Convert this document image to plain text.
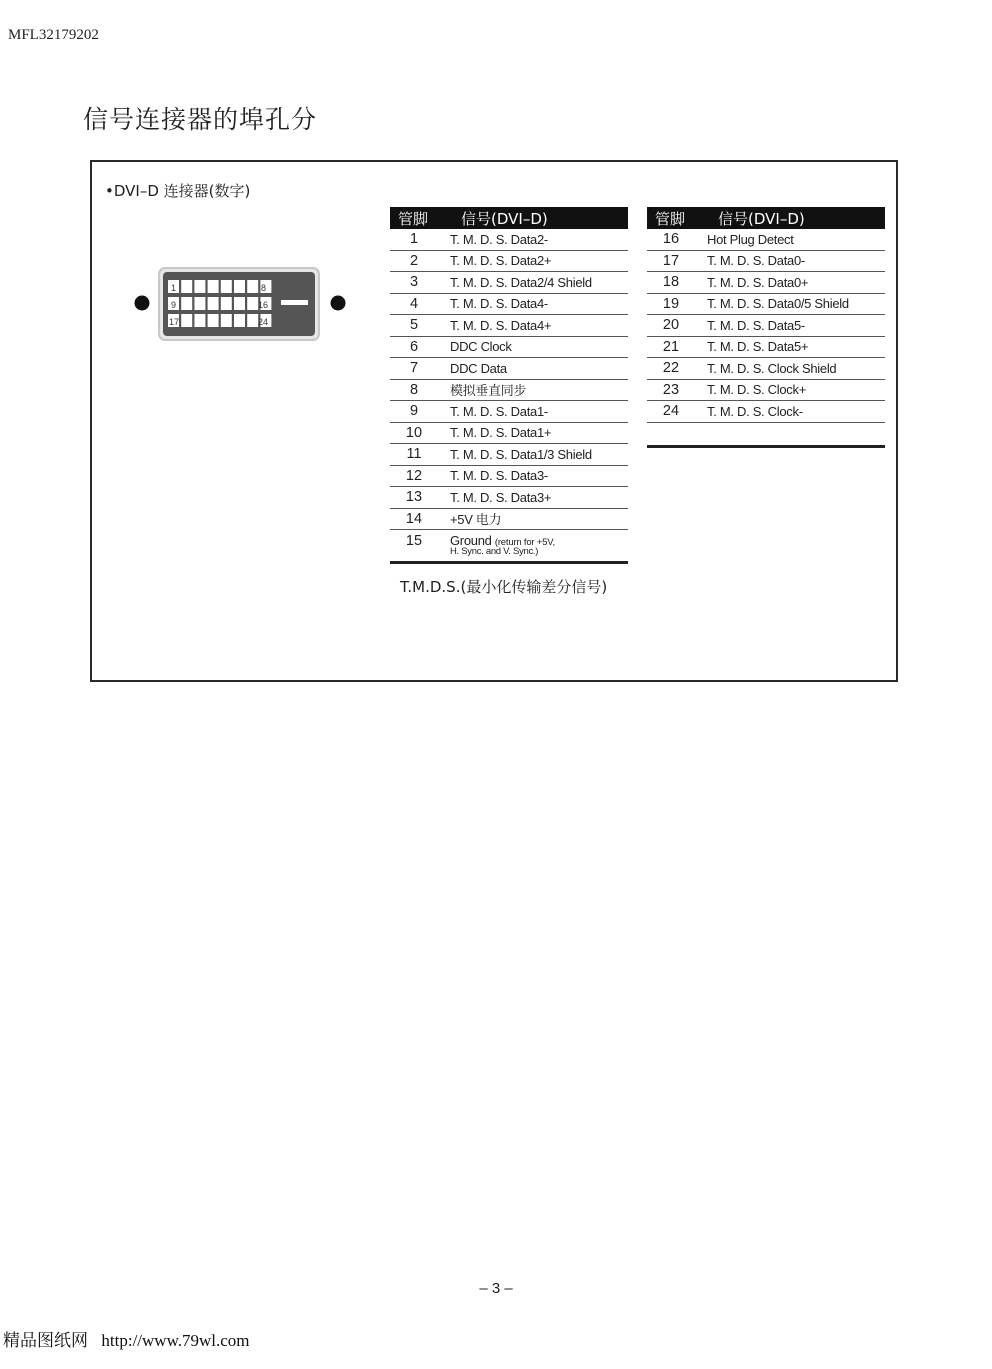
MFL32179202
信号连接器的埠孔分
•DVI–D 连接器(数字)
1	8
9	16
17	24
管脚	信号(DVI–D)
1	T. M. D. S. Data2-
2	T. M. D. S. Data2+
3	T. M. D. S. Data2/4 Shield
4	T. M. D. S. Data4-
5	T. M. D. S. Data4+
6	DDC Clock
7	DDC Data
8	模拟垂直同步
9	T. M. D. S. Data1-
10	T. M. D. S. Data1+
11	T. M. D. S. Data1/3 Shield
12	T. M. D. S. Data3-
13	T. M. D. S. Data3+
14	+5V 电力
15	Ground (return for +5V,
H. Sync. and V. Sync.)
管脚	信号(DVI–D)
16	Hot Plug Detect
17	T. M. D. S. Data0-
18	T. M. D. S. Data0+
19	T. M. D. S. Data0/5 Shield
20	T. M. D. S. Data5-
21	T. M. D. S. Data5+
22	T. M. D. S. Clock Shield
23	T. M. D. S. Clock+
24	T. M. D. S. Clock-
T.M.D.S.(最小化传输差分信号)
– 3 –
精品图纸网 http://www.79wl.com
